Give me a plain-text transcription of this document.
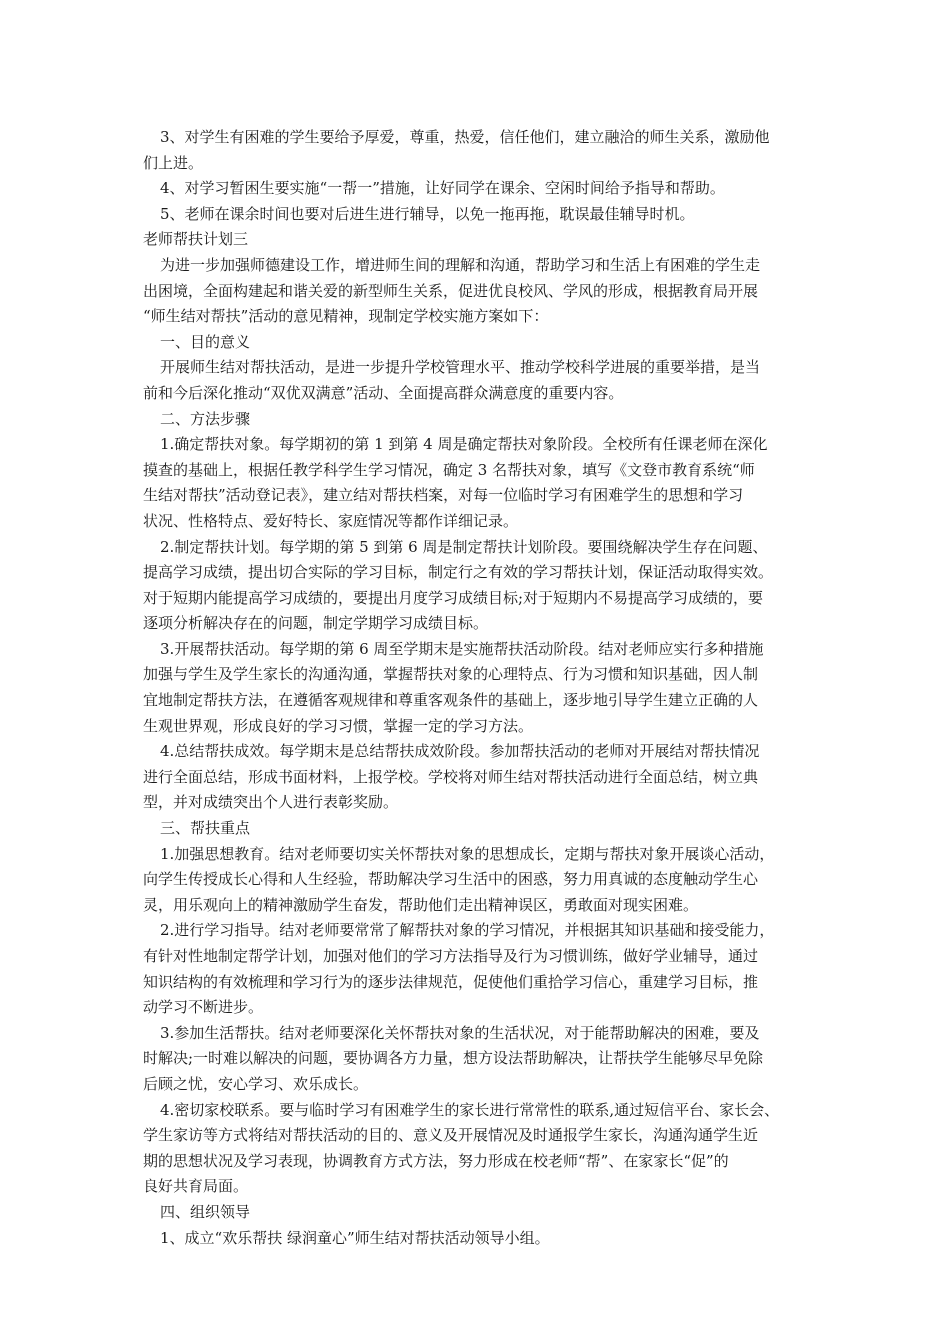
3、对学生有困难的学生要给予厚爱，尊重，热爱，信任他们，建立融洽的师生关系，激励他
们上进。
4、对学习暂困生要实施“一帮一”措施，让好同学在课余、空闲时间给予指导和帮助。
5、老师在课余时间也要对后进生进行辅导，以免一拖再拖，耽误最佳辅导时机。
老师帮扶计划三
为进一步加强师德建设工作，增进师生间的理解和沟通，帮助学习和生活上有困难的学生走
出困境，全面构建起和谐关爱的新型师生关系，促进优良校风、学风的形成，根据教育局开展
“师生结对帮扶”活动的意见精神，现制定学校实施方案如下：
一、目的意义
开展师生结对帮扶活动，是进一步提升学校管理水平、推动学校科学进展的重要举措，是当
前和今后深化推动“双优双满意”活动、全面提高群众满意度的重要内容。
二、方法步骤
1.确定帮扶对象。每学期初的第 1 到第 4 周是确定帮扶对象阶段。全校所有任课老师在深化
摸查的基础上，根据任教学科学生学习情况，确定 3 名帮扶对象，填写《文登市教育系统“师
生结对帮扶”活动登记表》，建立结对帮扶档案，对每一位临时学习有困难学生的思想和学习
状况、性格特点、爱好特长、家庭情况等都作详细记录。
2.制定帮扶计划。每学期的第 5 到第 6 周是制定帮扶计划阶段。要围绕解决学生存在问题、
提高学习成绩，提出切合实际的学习目标，制定行之有效的学习帮扶计划，保证活动取得实效。
对于短期内能提高学习成绩的，要提出月度学习成绩目标;对于短期内不易提高学习成绩的，要
逐项分析解决存在的问题，制定学期学习成绩目标。
3.开展帮扶活动。每学期的第 6 周至学期末是实施帮扶活动阶段。结对老师应实行多种措施
加强与学生及学生家长的沟通沟通，掌握帮扶对象的心理特点、行为习惯和知识基础，因人制
宜地制定帮扶方法，在遵循客观规律和尊重客观条件的基础上，逐步地引导学生建立正确的人
生观世界观，形成良好的学习习惯，掌握一定的学习方法。
4.总结帮扶成效。每学期末是总结帮扶成效阶段。参加帮扶活动的老师对开展结对帮扶情况
进行全面总结，形成书面材料，上报学校。学校将对师生结对帮扶活动进行全面总结，树立典
型，并对成绩突出个人进行表彰奖励。
三、帮扶重点
1.加强思想教育。结对老师要切实关怀帮扶对象的思想成长，定期与帮扶对象开展谈心活动，
向学生传授成长心得和人生经验，帮助解决学习生活中的困惑，努力用真诚的态度触动学生心
灵，用乐观向上的精神激励学生奋发，帮助他们走出精神误区，勇敢面对现实困难。
2.进行学习指导。结对老师要常常了解帮扶对象的学习情况，并根据其知识基础和接受能力，
有针对性地制定帮学计划，加强对他们的学习方法指导及行为习惯训练，做好学业辅导，通过
知识结构的有效梳理和学习行为的逐步法律规范，促使他们重拾学习信心，重建学习目标，推
动学习不断进步。
3.参加生活帮扶。结对老师要深化关怀帮扶对象的生活状况，对于能帮助解决的困难，要及
时解决;一时难以解决的问题，要协调各方力量，想方设法帮助解决，让帮扶学生能够尽早免除
后顾之忧，安心学习、欢乐成长。
4.密切家校联系。要与临时学习有困难学生的家长进行常常性的联系,通过短信平台、家长会、
学生家访等方式将结对帮扶活动的目的、意义及开展情况及时通报学生家长，沟通沟通学生近
期的思想状况及学习表现，协调教育方式方法，努力形成在校老师“帮”、在家家长“促”的
良好共育局面。
四、组织领导
1、成立“欢乐帮扶 绿润童心”师生结对帮扶活动领导小组。
